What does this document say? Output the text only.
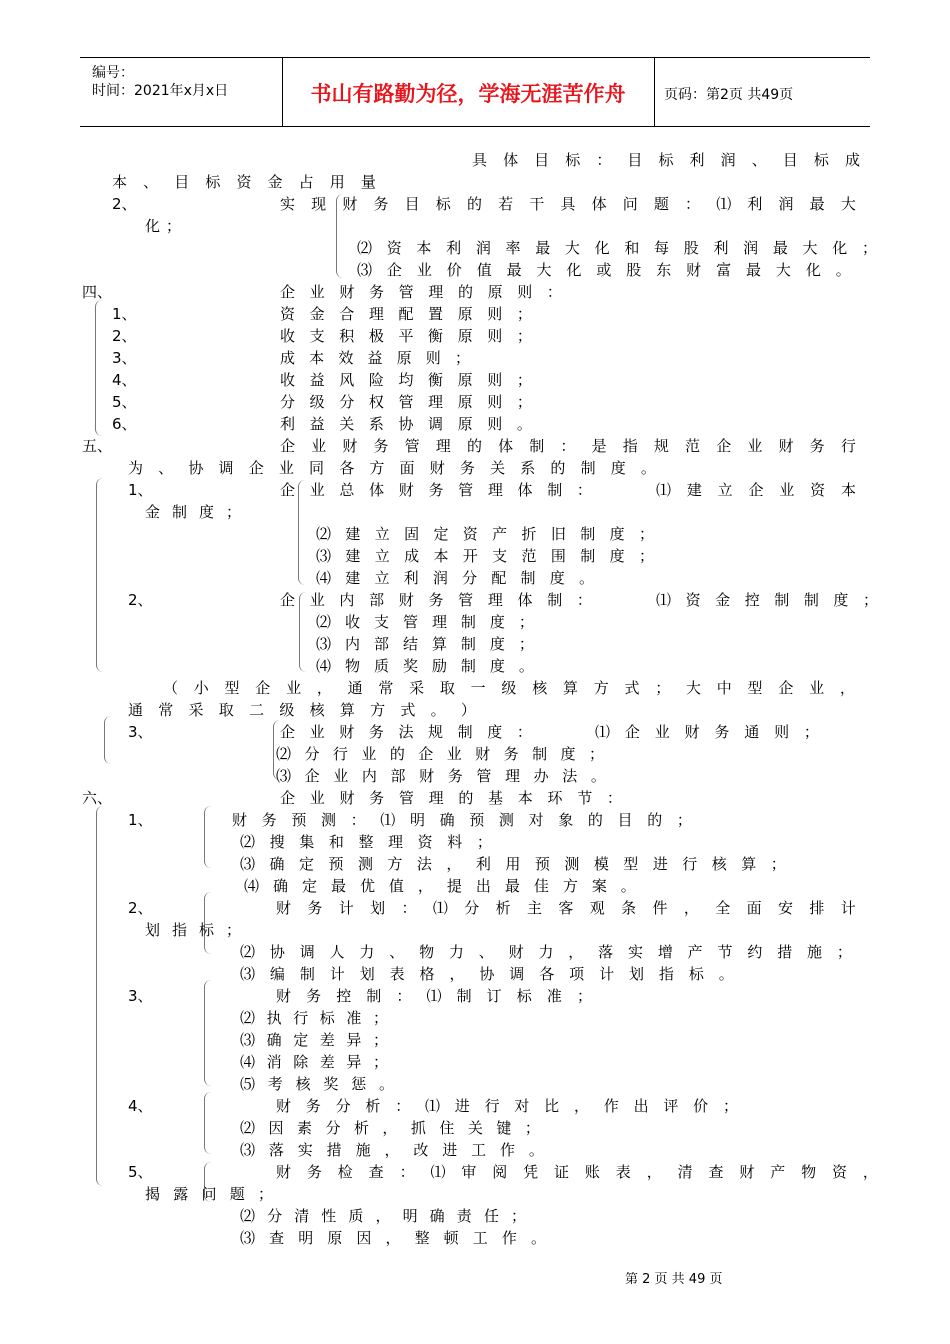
编号：
时间：2021年x月x日	书山有路勤为径，学海无涯苦作舟	页码：第2页 共49页
具 体 目 标 ： 目 标 利 润 、 目 标 成
本 、 目 标 资 金 占 用 量
2、	实 现 财 务 目 标 的 若 干 具 体 问 题 ： ⑴ 利 润 最 大
化 ；
⑵ 资 本 利 润 率 最 大 化 和 每 股 利 润 最 大 化 ；
⑶ 企 业 价 值 最 大 化 或 股 东 财 富 最 大 化 。
四、	企 业 财 务 管 理 的 原 则 ：
1、	资 金 合 理 配 置 原 则 ；
2、	收 支 积 极 平 衡 原 则 ；
3、	成 本 效 益 原 则 ；
4、	收 益 风 险 均 衡 原 则 ；
5、	分 级 分 权 管 理 原 则 ；
6、	利 益 关 系 协 调 原 则 。
五、	企 业 财 务 管 理 的 体 制 ： 是 指 规 范 企 业 财 务 行
为 、 协 调 企 业 同 各 方 面 财 务 关 系 的 制 度 。
1、	企 业 总 体 财 务 管 理 体 制 ：	⑴ 建 立 企 业 资 本
金 制 度 ；
⑵ 建 立 固 定 资 产 折 旧 制 度 ；
⑶ 建 立 成 本 开 支 范 围 制 度 ；
⑷ 建 立 利 润 分 配 制 度 。
2、	企 业 内 部 财 务 管 理 体 制 ：	⑴ 资 金 控 制 制 度 ；
⑵ 收 支 管 理 制 度 ；
⑶ 内 部 结 算 制 度 ；
⑷ 物 质 奖 励 制 度 。
（ 小 型 企 业 ， 通 常 采 取 一 级 核 算 方 式 ； 大 中 型 企 业 ，
通 常 采 取 二 级 核 算 方 式 。 ）
3、	企 业 财 务 法 规 制 度 ：	⑴ 企 业 财 务 通 则 ；
⑵ 分 行 业 的 企 业 财 务 制 度 ；
⑶ 企 业 内 部 财 务 管 理 办 法 。
六、	企 业 财 务 管 理 的 基 本 环 节 ：
1、	财 务 预 测 ： ⑴ 明 确 预 测 对 象 的 目 的 ；
⑵ 搜 集 和 整 理 资 料 ；
⑶ 确 定 预 测 方 法 ， 利 用 预 测 模 型 进 行 核 算 ；
⑷ 确 定 最 优 值 ， 提 出 最 佳 方 案 。
2、	财 务 计 划 ： ⑴ 分 析 主 客 观 条 件 ， 全 面 安 排 计
划 指 标 ；
⑵ 协 调 人 力 、 物 力 、 财 力 ， 落 实 增 产 节 约 措 施 ；
⑶ 编 制 计 划 表 格 ， 协 调 各 项 计 划 指 标 。
3、	财 务 控 制 ： ⑴ 制 订 标 准 ；
⑵ 执 行 标 准 ；
⑶ 确 定 差 异 ；
⑷ 消 除 差 异 ；
⑸ 考 核 奖 惩 。
4、	财 务 分 析 ： ⑴ 进 行 对 比 ， 作 出 评 价 ；
⑵ 因 素 分 析 ， 抓 住 关 键 ；
⑶ 落 实 措 施 ， 改 进 工 作 。
5、	财 务 检 查 ： ⑴ 审 阅 凭 证 账 表 ， 清 查 财 产 物 资 ，
揭 露 问 题 ；
⑵ 分 清 性 质 ， 明 确 责 任 ；
⑶ 查 明 原 因 ， 整 顿 工 作 。
第 2 页 共 49 页
